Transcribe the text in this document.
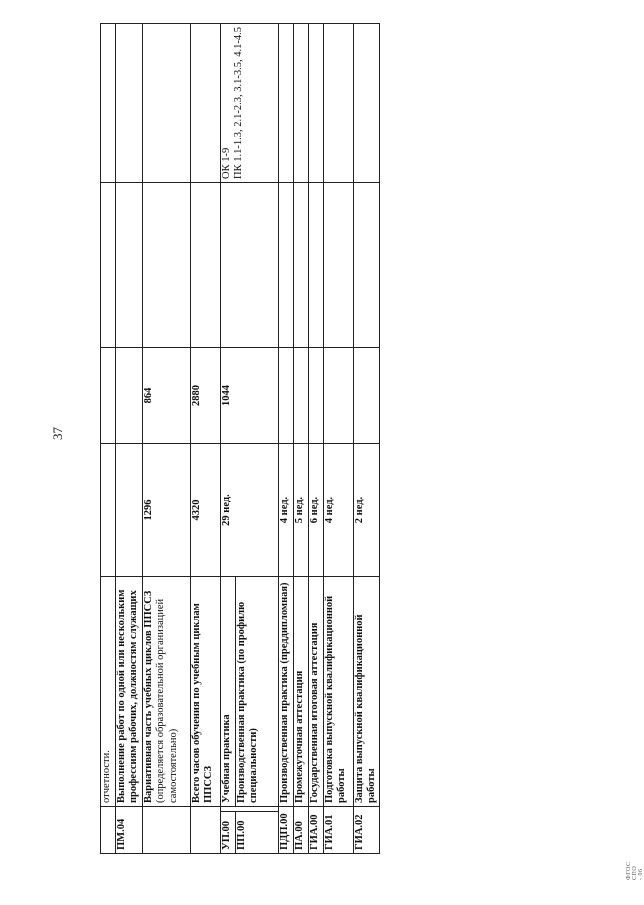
37
		отчетности.				
ПМ.04		Выполнение работ по одной или нескольким профессиям рабочих, должностям служащих				
		Вариативная часть учебных циклов ППССЗ (определяется образовательной организацией самостоятельно)	1296	864		
		Всего часов обучения по учебным циклам ППССЗ	4320	2880		
УП.00		Учебная практика	29 нед.	1044		ОК 1-9
ПК 1.1-1.3, 2.1-2.3, 3.1-3.5, 4.1-4.5
ПП.00		Производственная практика (по профилю специальности)				
ПДП.00		Производственная практика (преддипломная)	4 нед.			
ПА.00		Промежуточная аттестация	5 нед.			
ГИА.00		Государственная итоговая аттестация	6 нед.			
ГИА.01		Подготовка выпускной квалификационной работы	4 нед.			
ГИА.02		Защита выпускной квалификационной работы	2 нед.			
ФГОС СПО - 06
